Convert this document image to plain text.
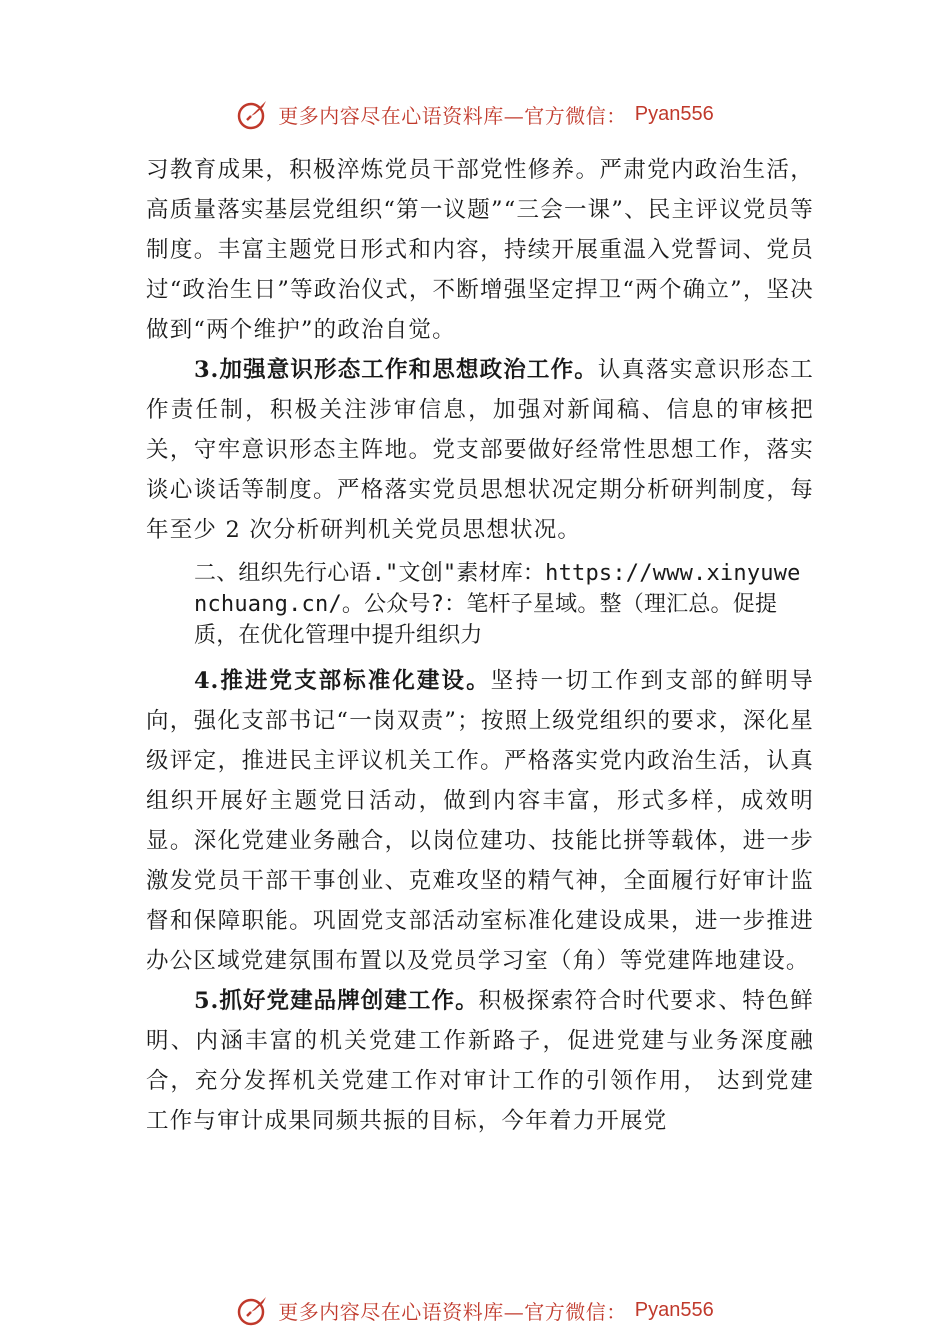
更多内容尽在心语资料库—官方微信： Pyan556

习教育成果，积极淬炼党员干部党性修养。严肃党内政治生活，高质量落实基层党组织“第一议题”“三会一课”、民主评议党员等制度。丰富主题党日形式和内容，持续开展重温入党誓词、党员过“政治生日”等政治仪式，不断增强坚定捍卫“两个确立”，坚决做到“两个维护”的政治自觉。

3.加强意识形态工作和思想政治工作。认真落实意识形态工作责任制，积极关注涉审信息，加强对新闻稿、信息的审核把关，守牢意识形态主阵地。党支部要做好经常性思想工作，落实谈心谈话等制度。严格落实党员思想状况定期分析研判制度，每年至少 2 次分析研判机关党员思想状况。

二、组织先行心语."文创"素材库：https://www.xinyuwenchuang.cn/。公众号?：笔杆子星域。整（理汇总。促提质，在优化管理中提升组织力

4.推进党支部标准化建设。坚持一切工作到支部的鲜明导向，强化支部书记“一岗双责”；按照上级党组织的要求，深化星级评定，推进民主评议机关工作。严格落实党内政治生活，认真组织开展好主题党日活动，做到内容丰富，形式多样，成效明显。深化党建业务融合，以岗位建功、技能比拼等载体，进一步激发党员干部干事创业、克难攻坚的精气神，全面履行好审计监督和保障职能。巩固党支部活动室标准化建设成果，进一步推进办公区域党建氛围布置以及党员学习室（角）等党建阵地建设。

5.抓好党建品牌创建工作。积极探索符合时代要求、特色鲜明、内涵丰富的机关党建工作新路子，促进党建与业务深度融合，充分发挥机关党建工作对审计工作的引领作用， 达到党建工作与审计成果同频共振的目标，今年着力开展党

更多内容尽在心语资料库—官方微信： Pyan556
